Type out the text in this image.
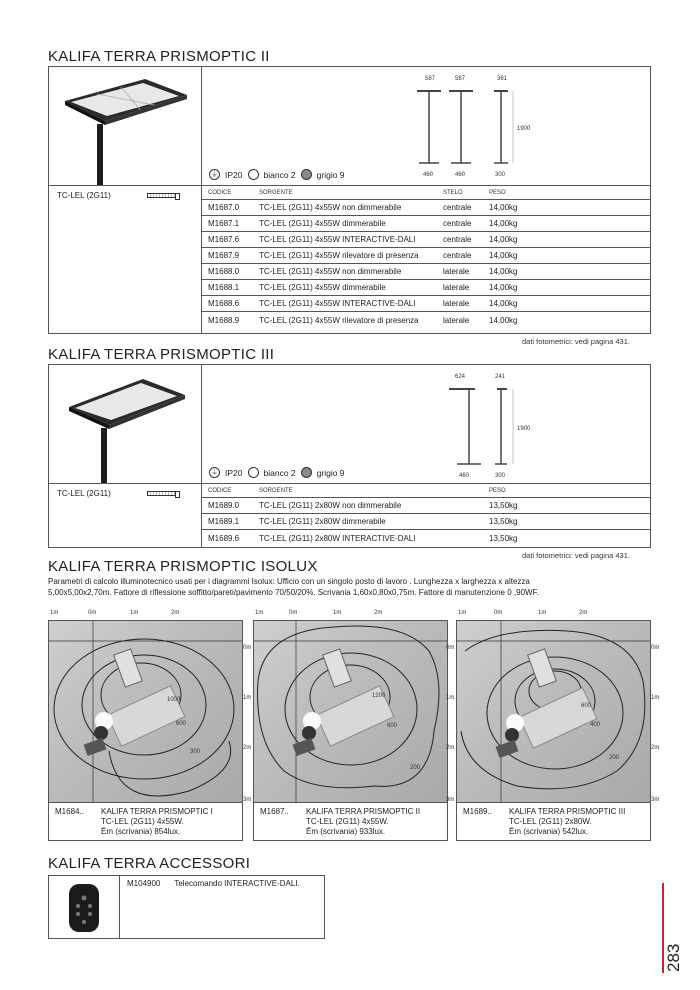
KALIFA TERRA PRISMOPTIC II
TC-LEL (2G11)
⏚ IP20 bianco 2 grigio 9
587	587	361
1900
460	460	300
CODICE	SORGENTE	STELO	PESO
M1687.0	TC-LEL (2G11) 4x55W non dimmerabile	centrale	14,00kg
M1687.1	TC-LEL (2G11) 4x55W dimmerabile	centrale	14,00kg
M1687.6	TC-LEL (2G11) 4x55W INTERACTIVE-DALI	centrale	14,00kg
M1687.9	TC-LEL (2G11) 4x55W rilevatore di presenza	centrale	14,00kg
M1688.0	TC-LEL (2G11) 4x55W non dimmerabile	laterale	14,00kg
M1688.1	TC-LEL (2G11) 4x55W dimmerabile	laterale	14,00kg
M1688.6	TC-LEL (2G11) 4x55W INTERACTIVE-DALI	laterale	14,00kg
M1688.9	TC-LEL (2G11) 4x55W rilevatore di presenza	laterale	14,00kg
dati fotometrici: vedi pagina 431.
KALIFA TERRA PRISMOPTIC III
TC-LEL (2G11)
⏚ IP20 bianco 2 grigio 9
624	241
1900
460	300
CODICE	SORGENTE	PESO
M1689.0	TC-LEL (2G11) 2x80W non dimmerabile	13,50kg
M1689.1	TC-LEL (2G11) 2x80W dimmerabile	13,50kg
M1689.6	TC-LEL (2G11) 2x80W INTERACTIVE-DALI	13,50kg
dati fotometrici: vedi pagina 431.
KALIFA TERRA PRISMOPTIC ISOLUX
Parametri di calcolo illuminotecnico usati per i diagrammi Isolux: Ufficio con un singolo posto di lavoro . Lunghezza x larghezza x altezza
5,00x5,00x2,70m. Fattore di riflessione soffitto/pareti/pavimento 70/50/20%. Scrivania 1,60x0,80x0,75m. Fattore di manutenzione 0 ,90WF.
1m	0m	1m	2m
1000
600
300
0m
1m
2m
3m
M1684.. KALIFA TERRA PRISMOPTIC I
TC-LEL (2G11) 4x55W.
Ēm (scrivania) 854lux.
1m	0m	1m	2m
1200
600
200
0m
1m
2m
3m
M1687.. KALIFA TERRA PRISMOPTIC II
TC-LEL (2G11) 4x55W.
Ēm (scrivania) 933lux.
1m	0m	1m	2m
600
400
200
0m
1m
2m
3m
M1689.. KALIFA TERRA PRISMOPTIC III
TC-LEL (2G11) 2x80W.
Ēm (scrivania) 542lux.
KALIFA TERRA ACCESSORI
M104900 Telecomando INTERACTIVE-DALI.
283
